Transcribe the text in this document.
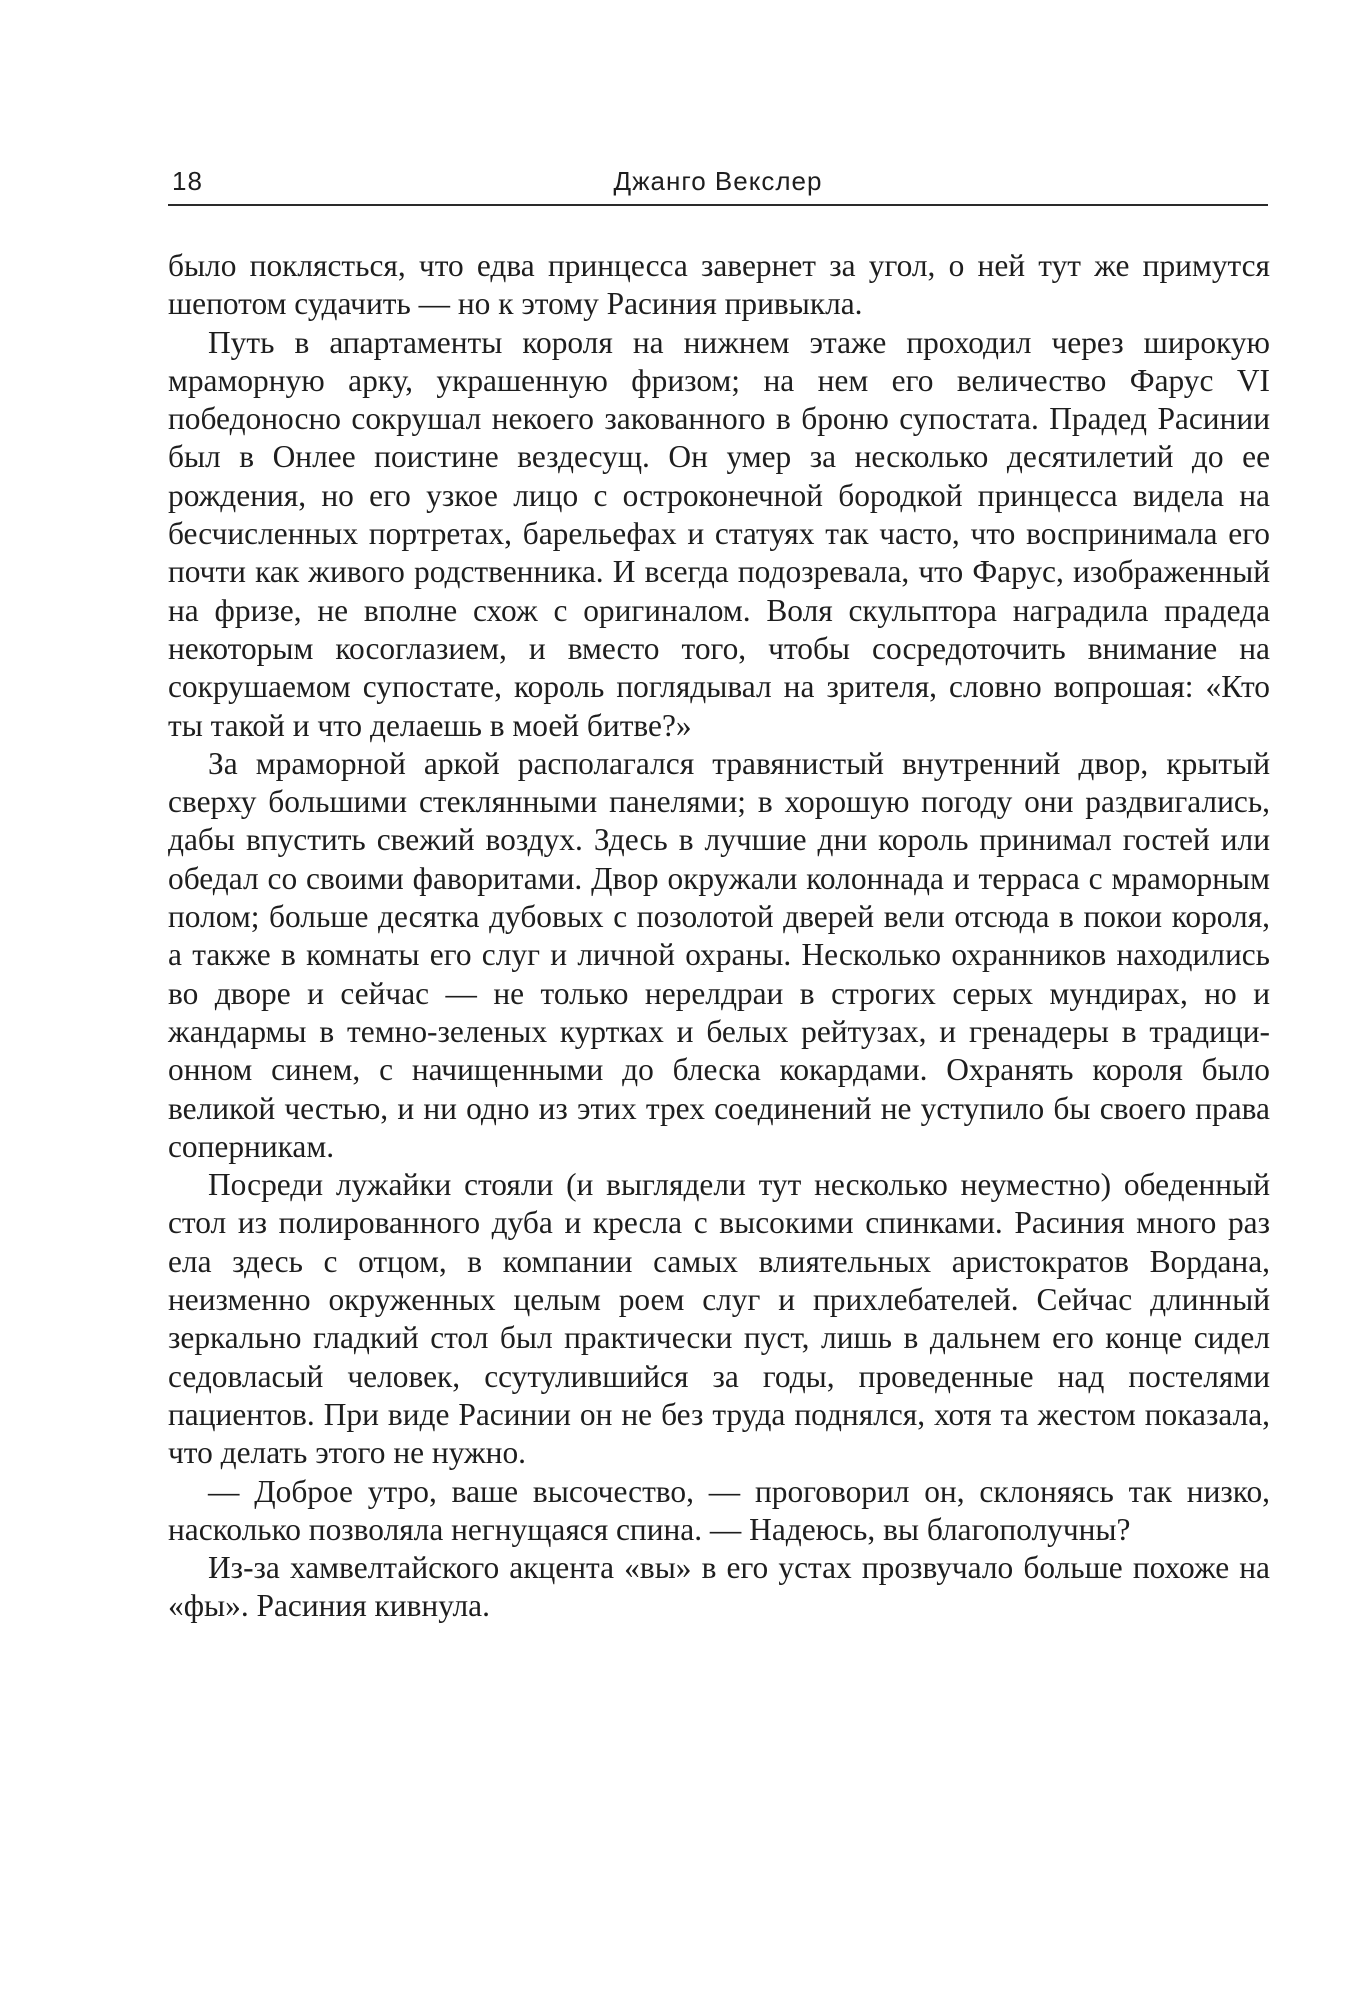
18	Джанго Векслер

было поклясться, что едва принцесса завернет за угол, о ней тут же примутся шепотом судачить — но к этому Расиния привыкла.

Путь в апартаменты короля на нижнем этаже проходил через широкую мраморную арку, украшенную фризом; на нем его величество Фарус VI победоносно сокрушал некоего закованного в броню супостата. Прадед Расинии был в Онлее поистине вездесущ. Он умер за несколько десятилетий до ее рождения, но его узкое лицо с остроконечной бородкой принцесса видела на бесчисленных портретах, барельефах и статуях так часто, что воспринимала его почти как живого родственника. И всегда подозревала, что Фарус, изображенный на фризе, не вполне схож с оригиналом. Воля скульптора наградила прадеда некоторым косоглазием, и вместо того, чтобы сосредоточить внимание на сокрушаемом супостате, король поглядывал на зрителя, словно вопрошая: «Кто ты такой и что делаешь в моей битве?»

За мраморной аркой располагался травянистый внутренний двор, крытый сверху большими стеклянными панелями; в хорошую погоду они раздвигались, дабы впустить свежий воздух. Здесь в лучшие дни король принимал гостей или обедал со своими фаворитами. Двор окружали колоннада и терраса с мраморным полом; больше десятка дубовых с позолотой дверей вели отсюда в покои короля, а также в комнаты его слуг и личной охраны. Несколько охранников находились во дворе и сейчас — не только нерелдраи в строгих серых мундирах, но и жандармы в темно-зеленых куртках и белых рейтузах, и гренадеры в традиционном синем, с начищенными до блеска кокардами. Охранять короля было великой честью, и ни одно из этих трех соединений не уступило бы своего права соперникам.

Посреди лужайки стояли (и выглядели тут несколько неуместно) обеденный стол из полированного дуба и кресла с высокими спинками. Расиния много раз ела здесь с отцом, в компании самых влиятельных аристократов Вордана, неизменно окруженных целым роем слуг и прихлебателей. Сейчас длинный зеркально гладкий стол был практически пуст, лишь в дальнем его конце сидел седовласый человек, ссутулившийся за годы, проведенные над постелями пациентов. При виде Расинии он не без труда поднялся, хотя та жестом показала, что делать этого не нужно.

— Доброе утро, ваше высочество, — проговорил он, склоняясь так низко, насколько позволяла негнущаяся спина. — Надеюсь, вы благополучны?

Из-за хамвелтайского акцента «вы» в его устах прозвучало больше похоже на «фы». Расиния кивнула.
